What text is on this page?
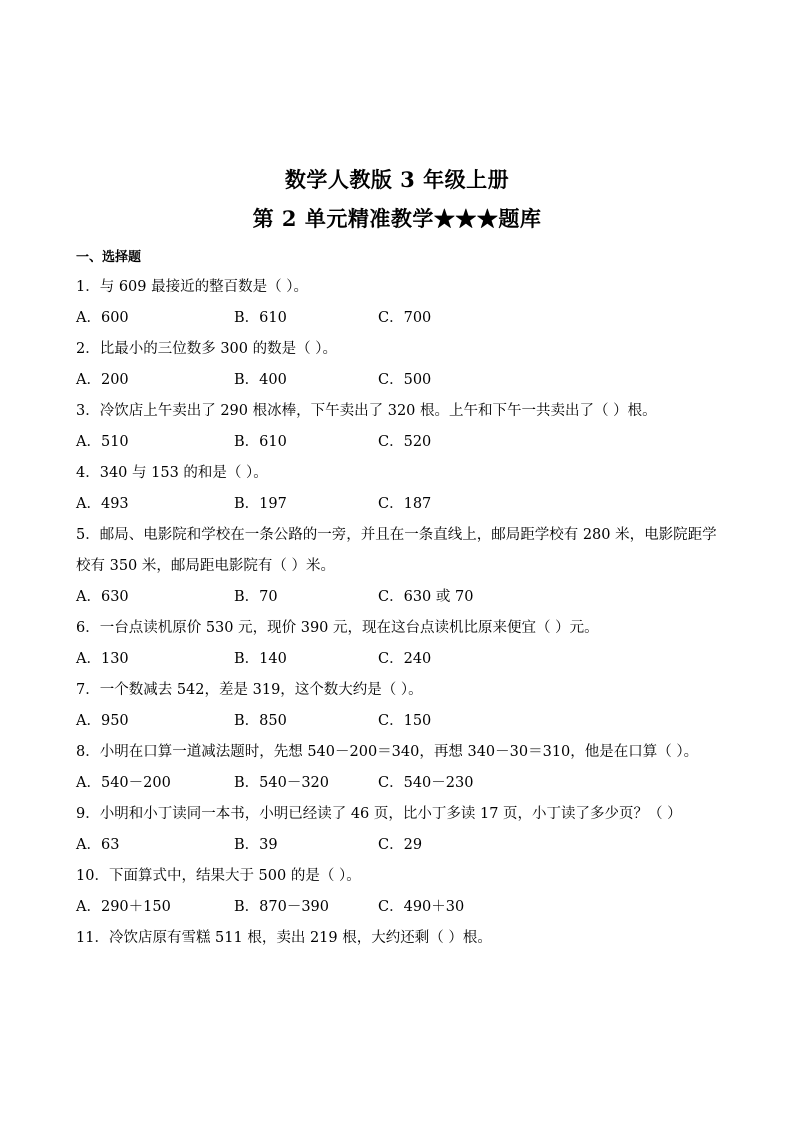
数学人教版 3 年级上册
第 2 单元精准教学★★★题库
一、选择题

1．与 609 最接近的整百数是（ ）。

A．600	B．610	C．700

2．比最小的三位数多 300 的数是（ ）。

A．200	B．400	C．500

3．冷饮店上午卖出了 290 根冰棒，下午卖出了 320 根。上午和下午一共卖出了（ ）根。

A．510	B．610	C．520

4．340 与 153 的和是（ ）。

A．493	B．197	C．187

5．邮局、电影院和学校在一条公路的一旁，并且在一条直线上，邮局距学校有 280 米，电影院距学校有 350 米，邮局距电影院有（ ）米。

A．630	B．70	C．630 或 70

6．一台点读机原价 530 元，现价 390 元，现在这台点读机比原来便宜（ ）元。

A．130	B．140	C．240

7．一个数减去 542，差是 319，这个数大约是（ ）。

A．950	B．850	C．150

8．小明在口算一道减法题时，先想 540－200＝340，再想 340－30＝310，他是在口算（ ）。

A．540－200	B．540－320	C．540－230

9．小明和小丁读同一本书，小明已经读了 46 页，比小丁多读 17 页，小丁读了多少页？（ ）

A．63	B．39	C．29

10．下面算式中，结果大于 500 的是（ ）。

A．290＋150	B．870－390	C．490＋30

11．冷饮店原有雪糕 511 根，卖出 219 根，大约还剩（ ）根。
